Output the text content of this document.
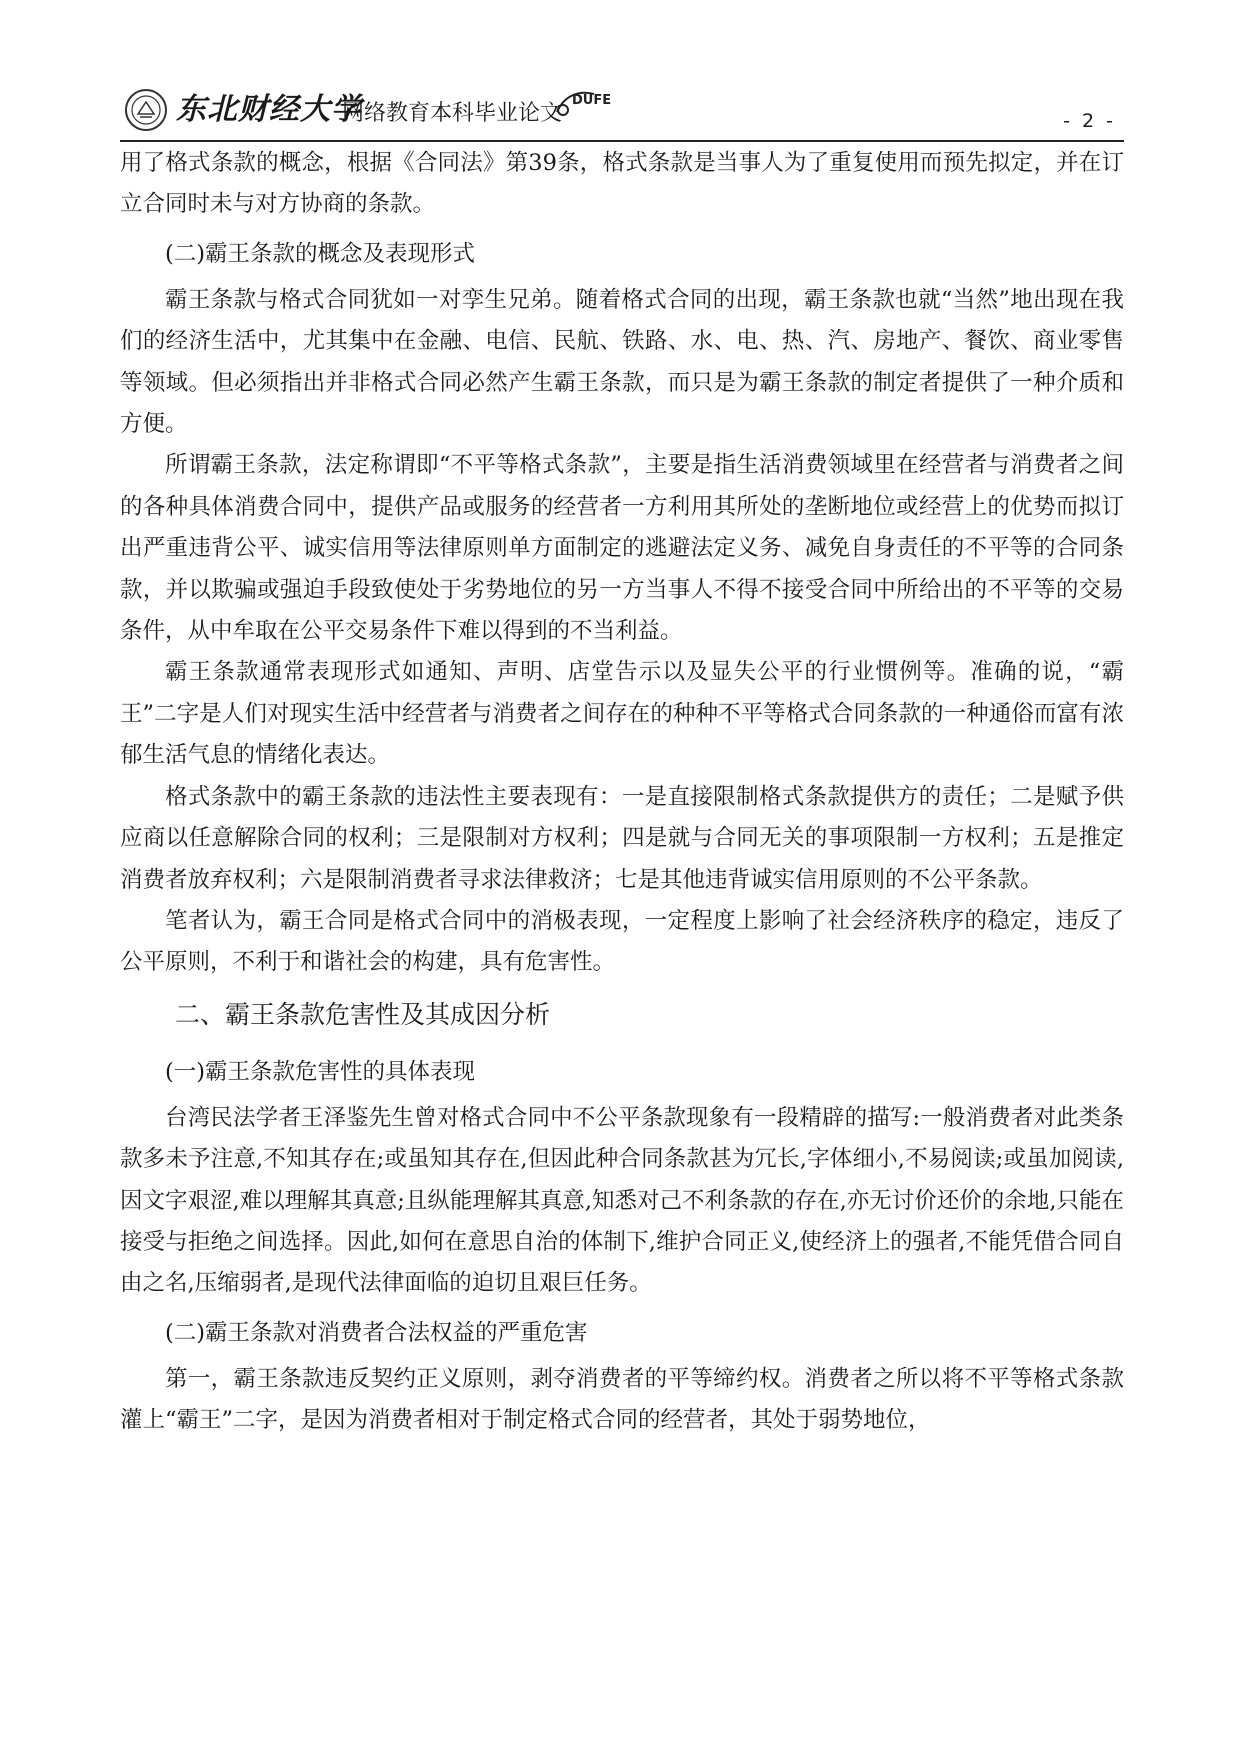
东北财经大学
网络教育本科毕业论文
DUFE
- 2 -

用了格式条款的概念，根据《合同法》第39条，格式条款是当事人为了重复使用而预先拟定，并在订立合同时未与对方协商的条款。

(二)霸王条款的概念及表现形式

霸王条款与格式合同犹如一对孪生兄弟。随着格式合同的出现，霸王条款也就“当然”地出现在我们的经济生活中，尤其集中在金融、电信、民航、铁路、水、电、热、汽、房地产、餐饮、商业零售等领域。但必须指出并非格式合同必然产生霸王条款，而只是为霸王条款的制定者提供了一种介质和方便。

所谓霸王条款，法定称谓即“不平等格式条款”，主要是指生活消费领域里在经营者与消费者之间的各种具体消费合同中，提供产品或服务的经营者一方利用其所处的垄断地位或经营上的优势而拟订出严重违背公平、诚实信用等法律原则单方面制定的逃避法定义务、减免自身责任的不平等的合同条款，并以欺骗或强迫手段致使处于劣势地位的另一方当事人不得不接受合同中所给出的不平等的交易条件，从中牟取在公平交易条件下难以得到的不当利益。

霸王条款通常表现形式如通知、声明、店堂告示以及显失公平的行业惯例等。准确的说，“霸王”二字是人们对现实生活中经营者与消费者之间存在的种种不平等格式合同条款的一种通俗而富有浓郁生活气息的情绪化表达。

格式条款中的霸王条款的违法性主要表现有：一是直接限制格式条款提供方的责任；二是赋予供应商以任意解除合同的权利；三是限制对方权利；四是就与合同无关的事项限制一方权利；五是推定消费者放弃权利；六是限制消费者寻求法律救济；七是其他违背诚实信用原则的不公平条款。

笔者认为，霸王合同是格式合同中的消极表现，一定程度上影响了社会经济秩序的稳定，违反了公平原则，不利于和谐社会的构建，具有危害性。

二、霸王条款危害性及其成因分析

(一)霸王条款危害性的具体表现

台湾民法学者王泽鉴先生曾对格式合同中不公平条款现象有一段精辟的描写:一般消费者对此类条款多未予注意,不知其存在;或虽知其存在,但因此种合同条款甚为冗长,字体细小,不易阅读;或虽加阅读,因文字艰涩,难以理解其真意;且纵能理解其真意,知悉对己不利条款的存在,亦无讨价还价的余地,只能在接受与拒绝之间选择。因此,如何在意思自治的体制下,维护合同正义,使经济上的强者,不能凭借合同自由之名,压缩弱者,是现代法律面临的迫切且艰巨任务。

(二)霸王条款对消费者合法权益的严重危害

第一，霸王条款违反契约正义原则，剥夺消费者的平等缔约权。消费者之所以将不平等格式条款灌上“霸王”二字，是因为消费者相对于制定格式合同的经营者，其处于弱势地位，
